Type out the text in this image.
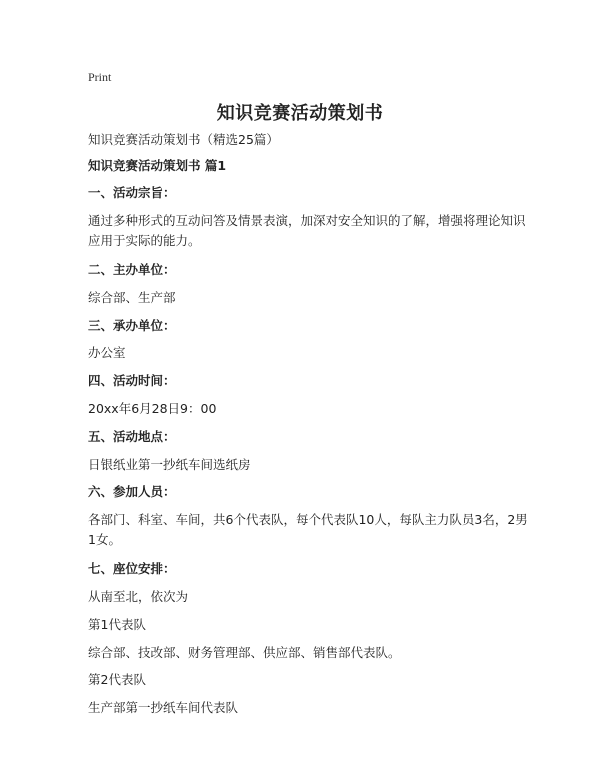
Print
知识竞赛活动策划书

知识竞赛活动策划书（精选25篇）

知识竞赛活动策划书 篇1

一、活动宗旨：

通过多种形式的互动问答及情景表演，加深对安全知识的了解，增强将理论知识应用于实际的能力。

二、主办单位：

综合部、生产部

三、承办单位：

办公室

四、活动时间：

20xx年6月28日9：00

五、活动地点：

日银纸业第一抄纸车间选纸房

六、参加人员：

各部门、科室、车间，共6个代表队，每个代表队10人，每队主力队员3名，2男1女。

七、座位安排：

从南至北，依次为

第1代表队

综合部、技改部、财务管理部、供应部、销售部代表队。

第2代表队

生产部第一抄纸车间代表队
